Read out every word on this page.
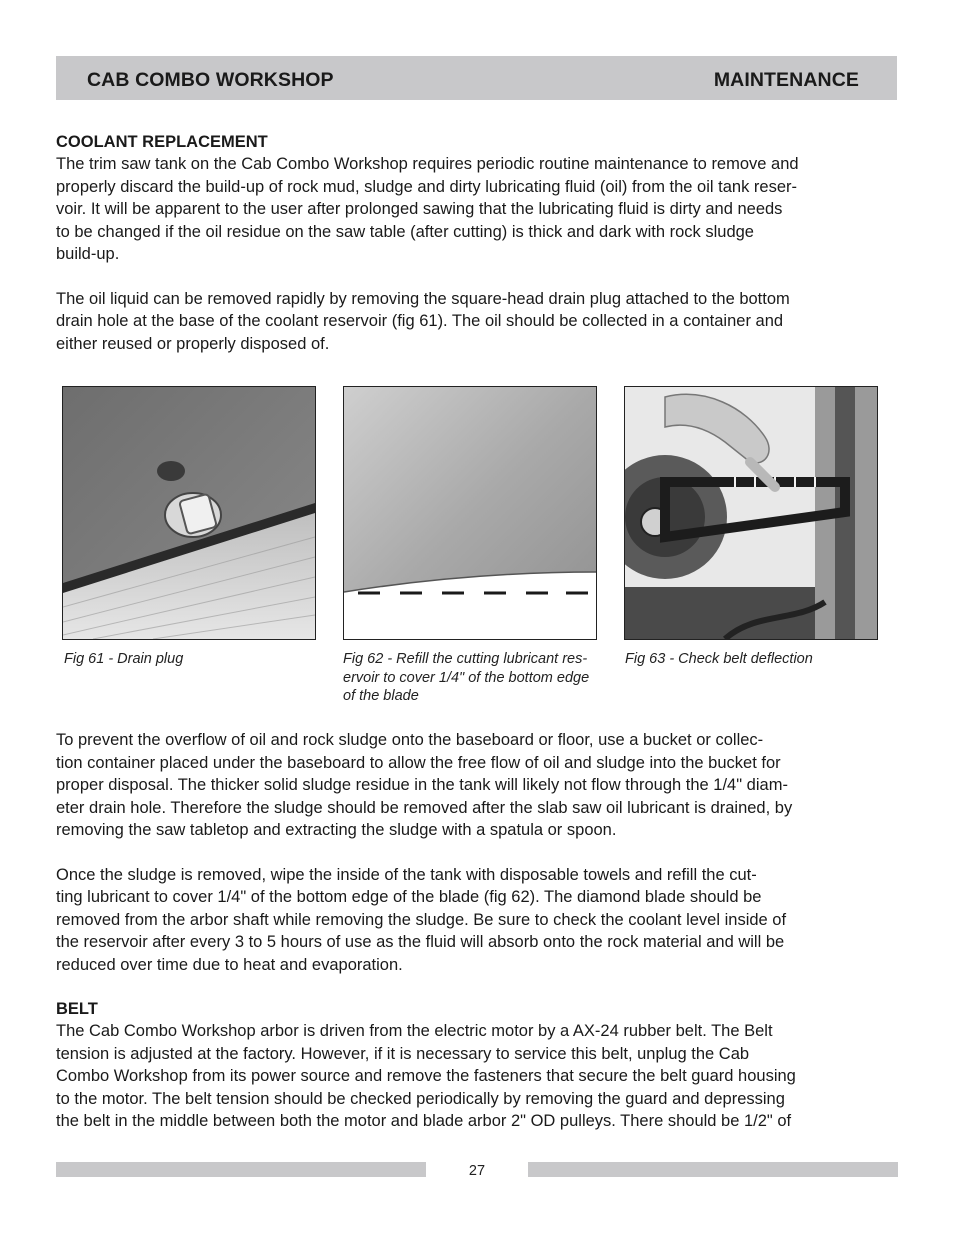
CAB COMBO WORKSHOP	MAINTENANCE

COOLANT REPLACEMENT

The trim saw tank on the Cab Combo Workshop requires periodic routine maintenance to remove and

properly discard the build-up of rock mud, sludge and dirty lubricating fluid (oil) from the oil tank reser-

voir. It will be apparent to the user after prolonged sawing that the lubricating fluid is dirty and needs

to be changed if the oil residue on the saw table (after cutting) is thick and dark with rock sludge

build-up.

The oil liquid can be removed rapidly by removing the square-head drain plug attached to the bottom

drain hole at the base of the coolant reservoir (fig 61). The oil should be collected in a container and

either reused or properly disposed of.

Fig 61 - Drain plug	Fig 62 - Refill the cutting lubricant res-
ervoir to cover 1/4" of the bottom edge
of the blade
Fig 63 - Check belt deflection

To prevent the overflow of oil and rock sludge onto the baseboard or floor, use a bucket or collec-

tion container placed under the baseboard to allow the free flow of oil and sludge into the bucket for

proper disposal. The thicker solid sludge residue in the tank will likely not flow through the 1/4" diam-

eter drain hole. Therefore the sludge should be removed after the slab saw oil lubricant is drained, by

removing the saw tabletop and extracting the sludge with a spatula or spoon.

Once the sludge is removed, wipe the inside of the tank with disposable towels and refill the cut-

ting lubricant to cover 1/4" of the bottom edge of the blade (fig 62). The diamond blade should be

removed from the arbor shaft while removing the sludge. Be sure to check the coolant level inside of

the reservoir after every 3 to 5 hours of use as the fluid will absorb onto the rock material and will be

reduced over time due to heat and evaporation.

BELT

The Cab Combo Workshop arbor is driven from the electric motor by a AX-24 rubber belt. The Belt

tension is adjusted at the factory. However, if it is necessary to service this belt, unplug the Cab

Combo Workshop from its power source and remove the fasteners that secure the belt guard housing

to the motor. The belt tension should be checked periodically by removing the guard and depressing

the belt in the middle between both the motor and blade arbor 2" OD pulleys. There should be 1/2" of

27
